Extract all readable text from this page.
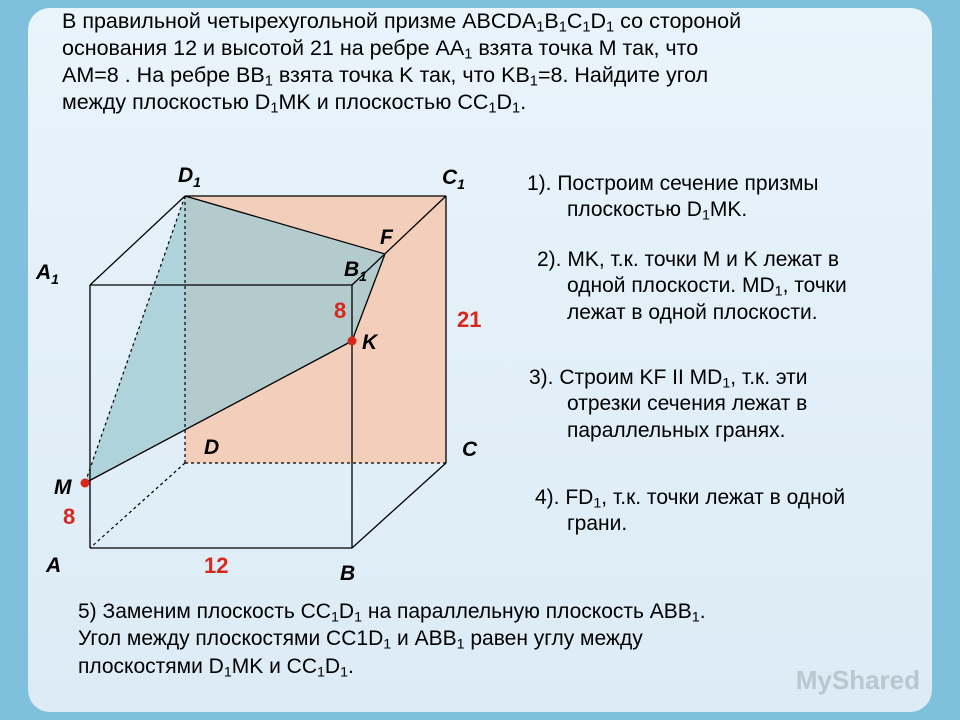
В правильной четырехугольной призме $ABCDA_1B_1C_1D_1$ со стороной
основания 12 и высотой 21 на ребре $AA_1$ взята точка M так, что
AM=8 . На ребре $BB_1$ взята точка K так, что $KB_1=8$. Найдите угол
между плоскостью $D_1MK$ и плоскостью $CC_1D_1$.
$D_1$	$C_1$
$A_1$	$B_1$
F
K
D	C
M
A	B
8
8
12
21
1). Построим сечение призмы
плоскостью $D_1MK$.
2). MK, т.к. точки M и K лежат в
одной плоскости. $MD_1$, точки
лежат в одной плоскости.
3). Строим KF II $MD_1$, т.к. эти
отрезки сечения лежат в
параллельных гранях.
4). $FD_1$, т.к. точки лежат в одной
грани.
5) Заменим плоскость $CC_1D_1$ на параллельную плоскость $ABB_1$.
Угол между плоскостями $CC1D_1$ и $ABB_1$ равен углу между
плоскостями $D_1MK$ и $CC_1D_1$.	MyShared
